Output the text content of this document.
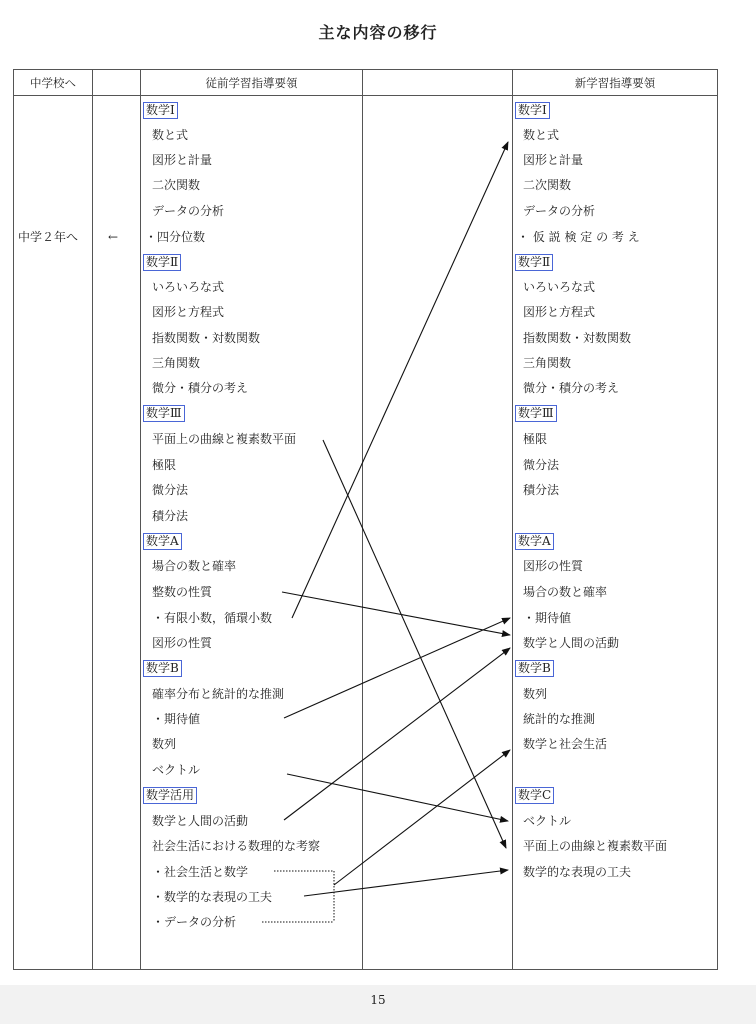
主な内容の移行
中学校へ	従前学習指導要領	新学習指導要領
中学２年へ ←
数学Ⅰ
数と式
図形と計量
二次関数
データの分析
・四分位数
数学Ⅱ
いろいろな式
図形と方程式
指数関数・対数関数
三角関数
微分・積分の考え
数学Ⅲ
平面上の曲線と複素数平面
極限
微分法
積分法
数学A
場合の数と確率
整数の性質
・有限小数，循環小数
図形の性質
数学B
確率分布と統計的な推測
・期待値
数列
ベクトル
数学活用
数学と人間の活動
社会生活における数理的な考察
・社会生活と数学
・数学的な表現の工夫
・データの分析
数学Ⅰ
数と式
図形と計量
二次関数
データの分析
・ 仮 説 検 定 の 考 え
数学Ⅱ
いろいろな式
図形と方程式
指数関数・対数関数
三角関数
微分・積分の考え
数学Ⅲ
極限
微分法
積分法
数学A
図形の性質
場合の数と確率
・期待値
数学と人間の活動
数学B
数列
統計的な推測
数学と社会生活
数学C
ベクトル
平面上の曲線と複素数平面
数学的な表現の工夫
15
